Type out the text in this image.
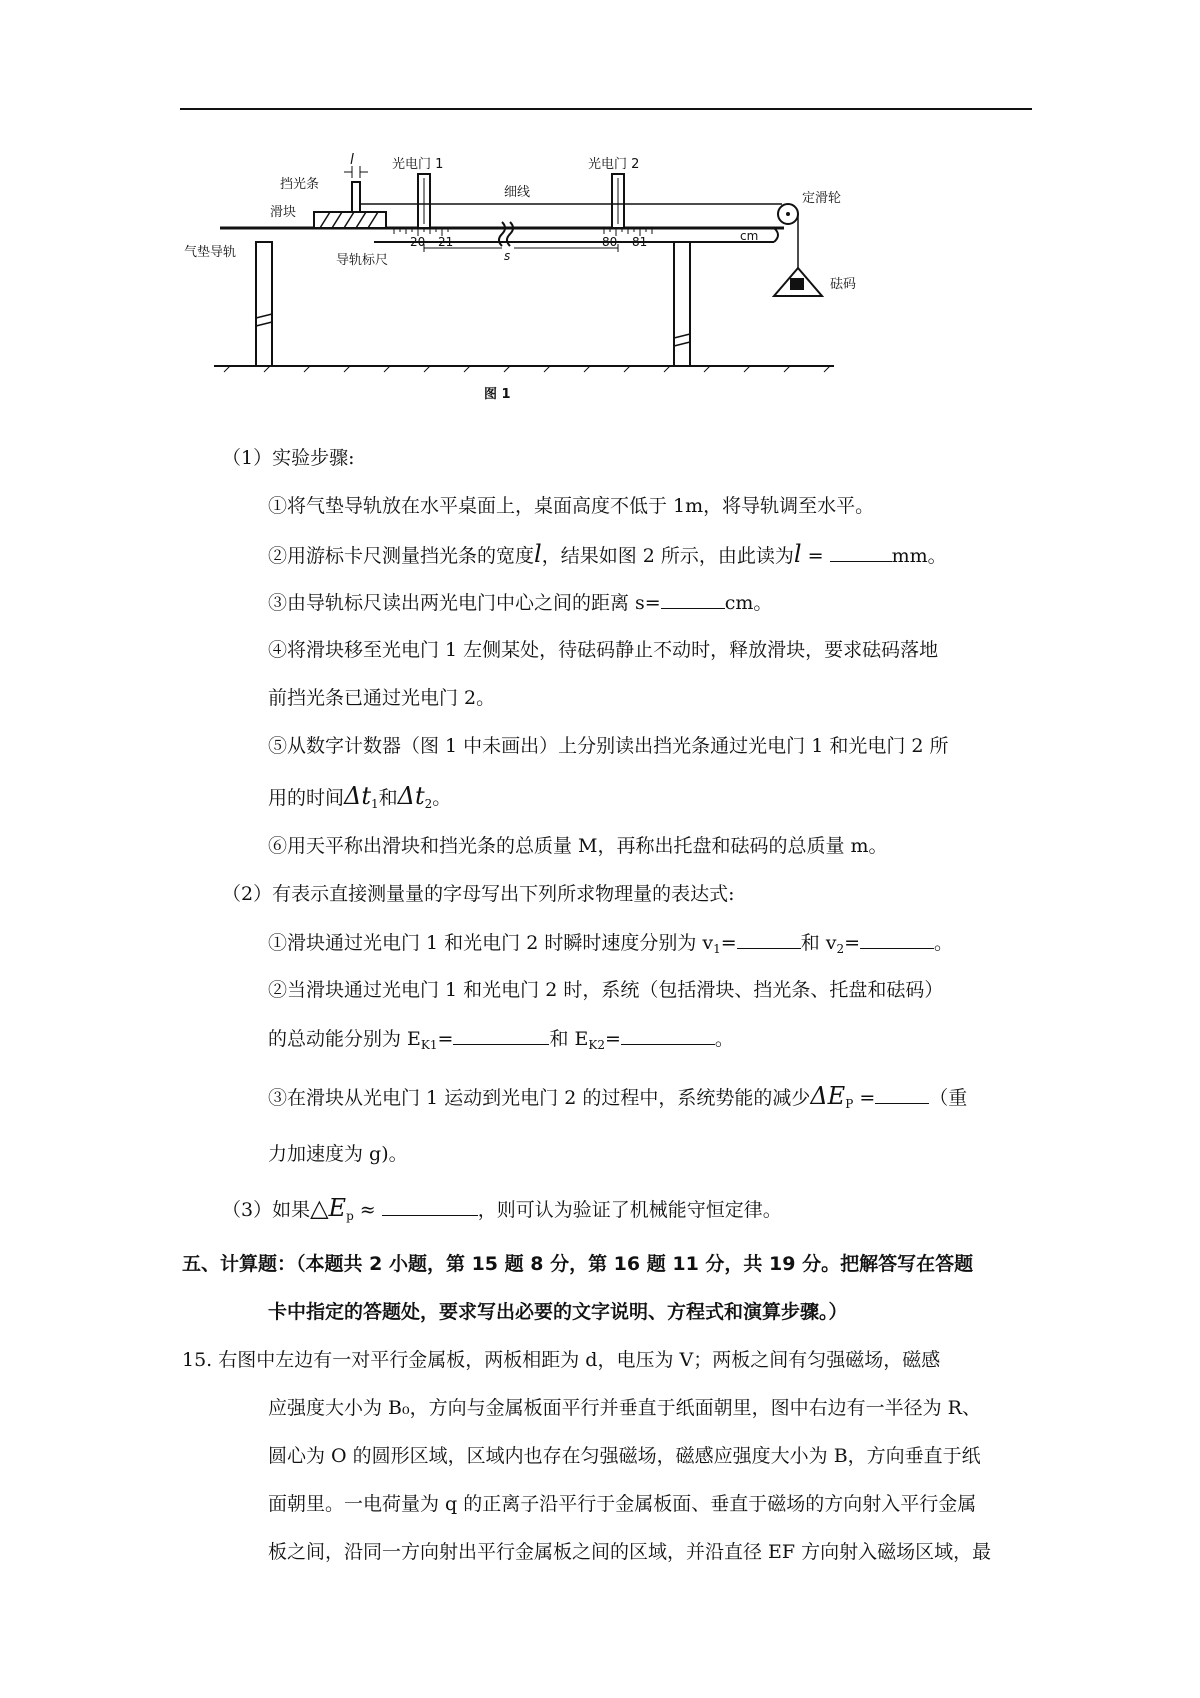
l	光电门 1	光电门 2
挡光条
细线	定滑轮
滑块
气垫导轨
导轨标尺
20 21	80 81	cm
s
砝码
图 1
（1）实验步骤:
①将气垫导轨放在水平桌面上，桌面高度不低于 1m，将导轨调至水平。
②用游标卡尺测量挡光条的宽度l，结果如图 2 所示，由此读为l =	mm。
③由导轨标尺读出两光电门中心之间的距离 s=	cm。
④将滑块移至光电门 1 左侧某处，待砝码静止不动时，释放滑块，要求砝码落地
前挡光条已通过光电门 2。
⑤从数字计数器（图 1 中未画出）上分别读出挡光条通过光电门 1 和光电门 2 所
用的时间$\Delta t_1$和$\Delta t_2$。
⑥用天平称出滑块和挡光条的总质量 M，再称出托盘和砝码的总质量 m。
（2）有表示直接测量量的字母写出下列所求物理量的表达式:
①滑块通过光电门 1 和光电门 2 时瞬时速度分别为 $v_1=$	和 $v_2=$	。
②当滑块通过光电门 1 和光电门 2 时，系统（包括滑块、挡光条、托盘和砝码）
的总动能分别为 $E_{K1}=$	和 $E_{K2}=$	。
③在滑块从光电门 1 运动到光电门 2 的过程中，系统势能的减少$\Delta E_P$ =	（重
力加速度为 g)。
（3）如果$\triangle E_p$ ≈	，则可认为验证了机械能守恒定律。
五、计算题：（本题共 2 小题，第 15 题 8 分，第 16 题 11 分，共 19 分。把解答写在答题
卡中指定的答题处，要求写出必要的文字说明、方程式和演算步骤。）
15. 右图中左边有一对平行金属板，两板相距为 d，电压为 V；两板之间有匀强磁场，磁感
应强度大小为 B₀，方向与金属板面平行并垂直于纸面朝里，图中右边有一半径为 R、
圆心为 O 的圆形区域，区域内也存在匀强磁场，磁感应强度大小为 B，方向垂直于纸
面朝里。一电荷量为 q 的正离子沿平行于金属板面、垂直于磁场的方向射入平行金属
板之间，沿同一方向射出平行金属板之间的区域，并沿直径 EF 方向射入磁场区域，最
